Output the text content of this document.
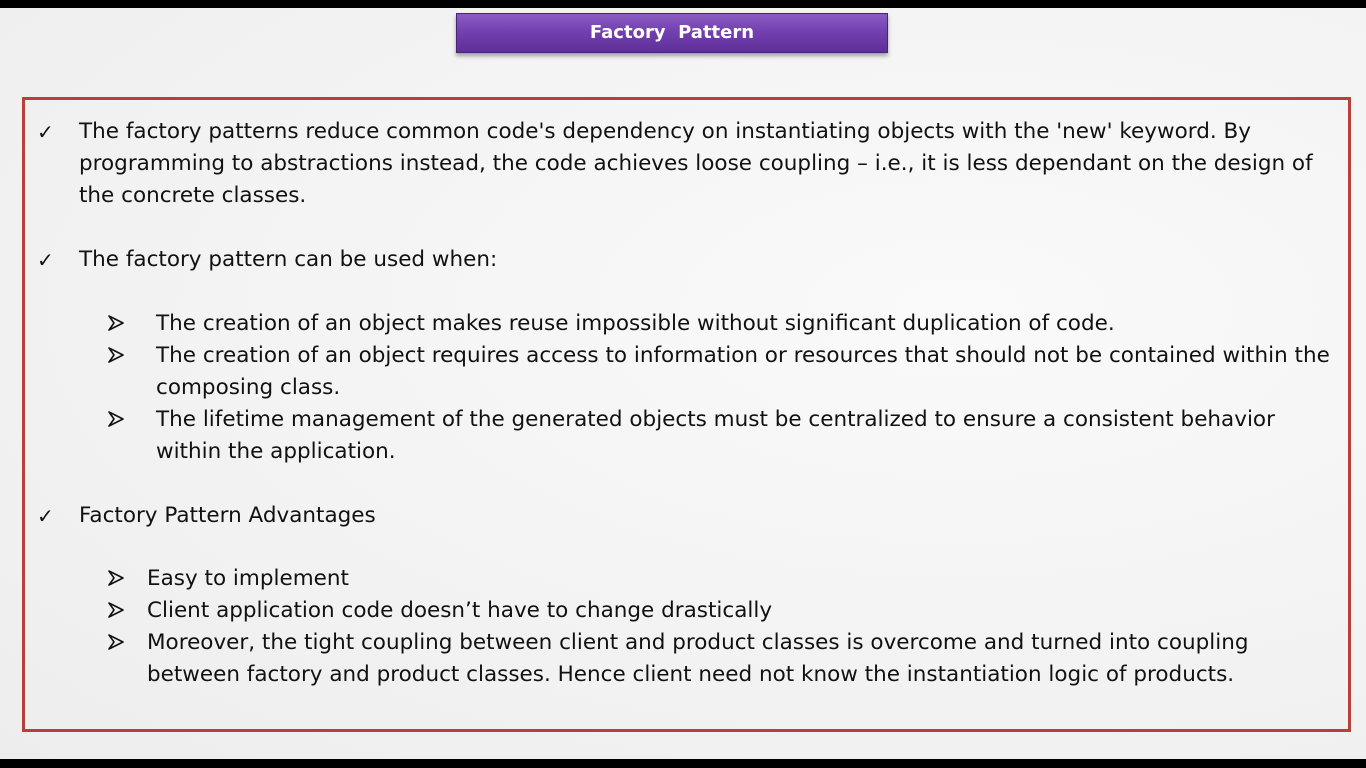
Factory  Pattern
✓ The factory patterns reduce common code's dependency on instantiating objects with the 'new' keyword. By
programming to abstractions instead, the code achieves loose coupling – i.e., it is less dependant on the design of
the concrete classes.
✓ The factory pattern can be used when:
The creation of an object makes reuse impossible without significant duplication of code.
The creation of an object requires access to information or resources that should not be contained within the
composing class.
The lifetime management of the generated objects must be centralized to ensure a consistent behavior
within the application.
✓ Factory Pattern Advantages
Easy to implement
Client application code doesn’t have to change drastically
Moreover, the tight coupling between client and product classes is overcome and turned into coupling
between factory and product classes. Hence client need not know the instantiation logic of products.
